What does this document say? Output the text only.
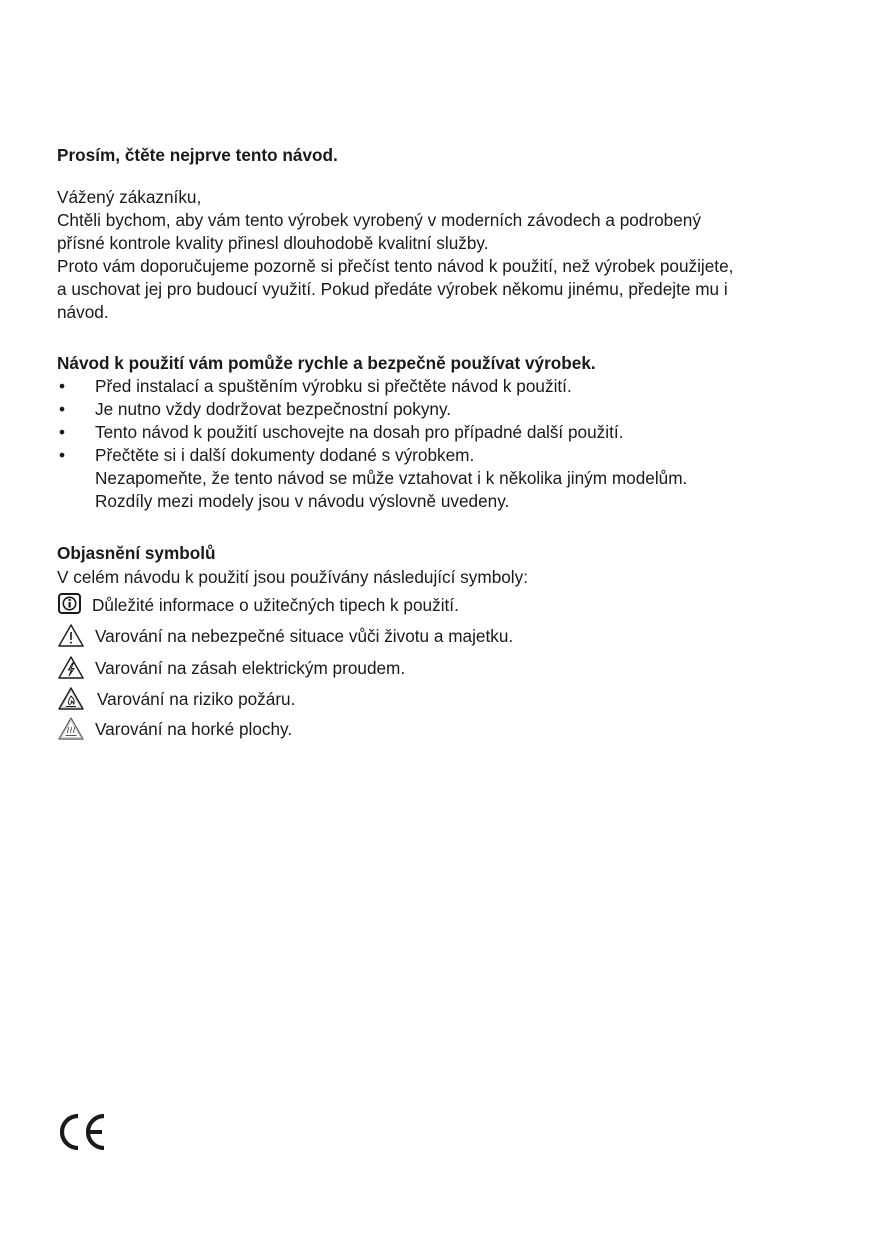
Prosím, čtěte nejprve tento návod.
Vážený zákazníku,
Chtěli bychom, aby vám tento výrobek vyrobený v moderních závodech a podrobený
přísné kontrole kvality přinesl dlouhodobě kvalitní služby.
Proto vám doporučujeme pozorně si přečíst tento návod k použití, než výrobek použijete,
a uschovat jej pro budoucí využití. Pokud předáte výrobek někomu jinému, předejte mu i
návod.
Návod k použití vám pomůže rychle a bezpečně používat výrobek.
• Před instalací a spuštěním výrobku si přečtěte návod k použití.
• Je nutno vždy dodržovat bezpečnostní pokyny.
• Tento návod k použití uschovejte na dosah pro případné další použití.
• Přečtěte si i další dokumenty dodané s výrobkem.
Nezapomeňte, že tento návod se může vztahovat i k několika jiným modelům.
Rozdíly mezi modely jsou v návodu výslovně uvedeny.
Objasnění symbolů
V celém návodu k použití jsou používány následující symboly:
Důležité informace o užitečných tipech k použití.
Varování na nebezpečné situace vůči životu a majetku.
Varování na zásah elektrickým proudem.
Varování na riziko požáru.
Varování na horké plochy.
